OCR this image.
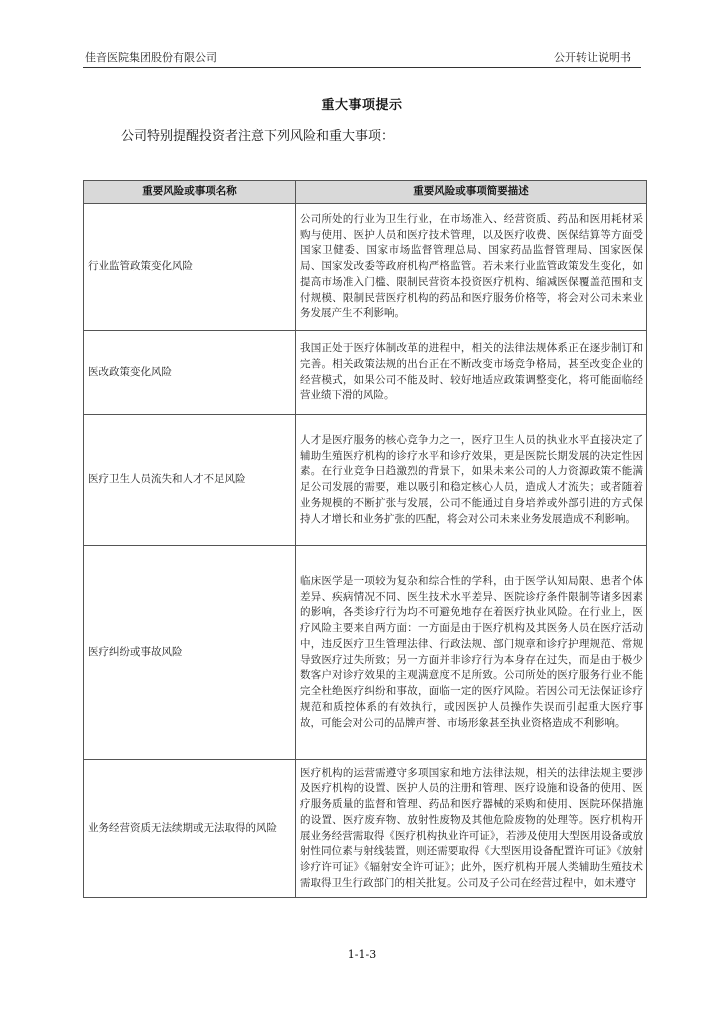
佳音医院集团股份有限公司	公开转让说明书
重大事项提示
公司特别提醒投资者注意下列风险和重大事项：
重要风险或事项名称	重要风险或事项简要描述
行业监管政策变化风险	公司所处的行业为卫生行业，在市场准入、经营资质、药品和医用耗材采购与使用、医护人员和医疗技术管理，以及医疗收费、医保结算等方面受国家卫健委、国家市场监督管理总局、国家药品监督管理局、国家医保局、国家发改委等政府机构严格监管。若未来行业监管政策发生变化，如提高市场准入门槛、限制民营资本投资医疗机构、缩减医保覆盖范围和支付规模、限制民营医疗机构的药品和医疗服务价格等，将会对公司未来业务发展产生不利影响。
医改政策变化风险	我国正处于医疗体制改革的进程中，相关的法律法规体系正在逐步制订和完善。相关政策法规的出台正在不断改变市场竞争格局，甚至改变企业的经营模式，如果公司不能及时、较好地适应政策调整变化，将可能面临经营业绩下滑的风险。
医疗卫生人员流失和人才不足风险	人才是医疗服务的核心竞争力之一，医疗卫生人员的执业水平直接决定了辅助生殖医疗机构的诊疗水平和诊疗效果，更是医院长期发展的决定性因素。在行业竞争日趋激烈的背景下，如果未来公司的人力资源政策不能满足公司发展的需要，难以吸引和稳定核心人员，造成人才流失；或者随着业务规模的不断扩张与发展，公司不能通过自身培养或外部引进的方式保持人才增长和业务扩张的匹配，将会对公司未来业务发展造成不利影响。
医疗纠纷或事故风险	临床医学是一项较为复杂和综合性的学科，由于医学认知局限、患者个体差异、疾病情况不同、医生技术水平差异、医院诊疗条件限制等诸多因素的影响，各类诊疗行为均不可避免地存在着医疗执业风险。在行业上，医疗风险主要来自两方面：一方面是由于医疗机构及其医务人员在医疗活动中，违反医疗卫生管理法律、行政法规、部门规章和诊疗护理规范、常规导致医疗过失所致；另一方面并非诊疗行为本身存在过失，而是由于极少数客户对诊疗效果的主观满意度不足所致。公司所处的医疗服务行业不能完全杜绝医疗纠纷和事故，面临一定的医疗风险。若因公司无法保证诊疗规范和质控体系的有效执行，或因医护人员操作失误而引起重大医疗事故，可能会对公司的品牌声誉、市场形象甚至执业资格造成不利影响。
业务经营资质无法续期或无法取得的风险	医疗机构的运营需遵守多项国家和地方法律法规，相关的法律法规主要涉及医疗机构的设置、医护人员的注册和管理、医疗设施和设备的使用、医疗服务质量的监督和管理、药品和医疗器械的采购和使用、医院环保措施的设置、医疗废弃物、放射性废物及其他危险废物的处理等。医疗机构开展业务经营需取得《医疗机构执业许可证》，若涉及使用大型医用设备或放射性同位素与射线装置，则还需要取得《大型医用设备配置许可证》《放射诊疗许可证》《辐射安全许可证》；此外，医疗机构开展人类辅助生殖技术需取得卫生行政部门的相关批复。公司及子公司在经营过程中，如未遵守
1-1-3
